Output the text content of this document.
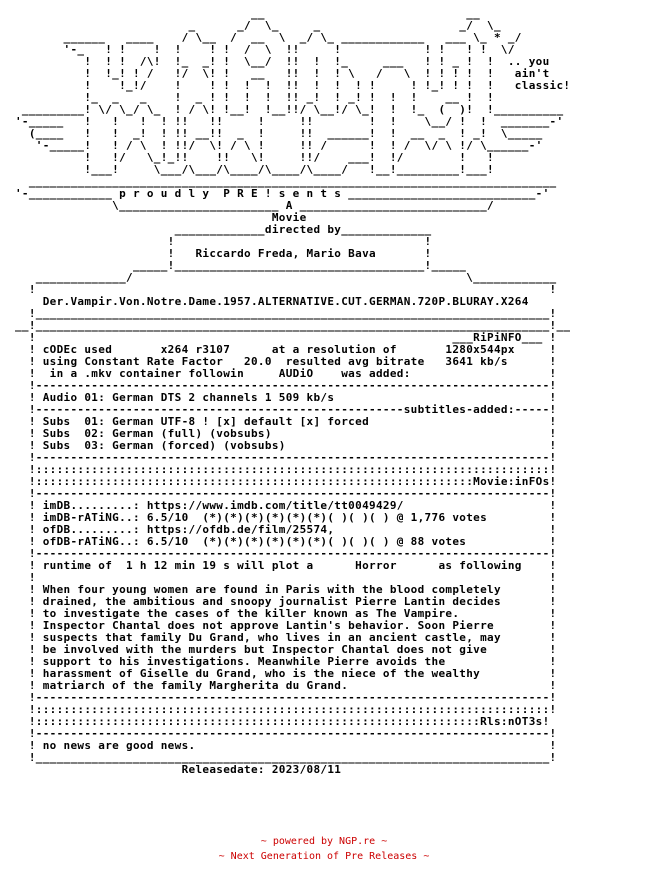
__                             __
_      _/  \_     _                    _/  \_
______   ____    / \__  /  __  \  _/ \_ ____________   ___ \_ * _/
'-_   ! !    !  !    ! !  /  \  !!     !            ! !   ! !  \/
!  ! !  /\!  !_  _! !  \__/  !!  !  !_     ___   ! ! _ !  !  .. you
!  !_! ! /   !/  \! !   __   !!  !  ! \   /   \  ! ! ! !  !   ain't
!    !_!/    !    ! !  !  !  !!  !  !  ! !     ! !_! ! !  !   classic!
!_  _   _    !  _ ! !  !  !  !! _!  ! _! !  !  !    __ !  !
_________! \/ \_/ \_  ! / \! !__!  !__!!/ \__!/ \_!  !  !_  (  )!  !__________
'-_____   !   !   !  ! !!   !!     !     !!        !  !    \__/ !  !  _______-'
(____   !   !  _!  ! !! __!!  _  !     !!  ______!  !  __  _  ! _!  \_____
'-_____!   ! / \  ! !!/  \! / \ !     !! /      !  ! /  \/ \ !/ \______-'
!   !/   \_!_!!    !!   \!     !!/    ___!  !/        !   !
!___!     \___/\___/\____/\____/\____/   !__!_________!___!
____________________________________________________________________________
'-____________ p r o u d l y  P R E ! s e n t s ___________________________-'
\_______________________ A ___________________________/
Movie
_____________directed by_____________
!                                    !
!   Riccardo Freda, Mario Bava       !
_____!____________________________________!_____
_____________/                                                \____________
!                                                                          !
Der.Vampir.Von.Notre.Dame.1957.ALTERNATIVE.CUT.GERMAN.720P.BLURAY.X264
!__________________________________________________________________________!
__!__________________________________________________________________________!__
!                                                            ___RiPiNFO___ !
! cODEc used       x264 r3107      at a resolution of       1280x544px     !
! using Constant Rate Factor   20.0  resulted avg bitrate   3641 kb/s      !
!  in a .mkv container followin     AUDiO    was added:                    !
!--------------------------------------------------------------------------!
! Audio 01: German DTS 2 channels 1 509 kb/s                               !
!-----------------------------------------------------subtitles-added:-----!
! Subs  01: German UTF-8 ! [x] default [x] forced                          !
! Subs  02: German (full) (vobsubs)                                        !
! Subs  03: German (forced) (vobsubs)                                      !
!--------------------------------------------------------------------------!
!::::::::::::::::::::::::::::::::::::::::::::::::::::::::::::::::::::::::::!
!:::::::::::::::::::::::::::::::::::::::::::::::::::::::::::::::Movie:inFOs!
!--------------------------------------------------------------------------!
! imDB.........: https://www.imdb.com/title/tt0049429/                     !
! imDB-rATiNG..: 6.5/10  (*)(*)(*)(*)(*)(*)( )( )( ) @ 1,776 votes         !
! ofDB.........: https://ofdb.de/film/25574,                               !
! ofDB-rATiNG..: 6.5/10  (*)(*)(*)(*)(*)(*)( )( )( ) @ 88 votes            !
!--------------------------------------------------------------------------!
! runtime of  1 h 12 min 19 s will plot a      Horror      as following    !
!                                                                          !
! When four young women are found in Paris with the blood completely       !
! drained, the ambitious and snoopy journalist Pierre Lantin decides       !
! to investigate the cases of the killer known as The Vampire.             !
! Inspector Chantal does not approve Lantin's behavior. Soon Pierre        !
! suspects that family Du Grand, who lives in an ancient castle, may       !
! be involved with the murders but Inspector Chantal does not give         !
! support to his investigations. Meanwhile Pierre avoids the               !
! harassment of Giselle du Grand, who is the niece of the wealthy          !
! matriarch of the family Margherita du Grand.                             !
!--------------------------------------------------------------------------!
!::::::::::::::::::::::::::::::::::::::::::::::::::::::::::::::::::::::::::!
!::::::::::::::::::::::::::::::::::::::::::::::::::::::::::::::::Rls:nOT3s!
!--------------------------------------------------------------------------!
! no news are good news.                                                   !
!__________________________________________________________________________!
Releasedate: 2023/08/11
~ powered by NGP.re ~
~ Next Generation of Pre Releases ~
